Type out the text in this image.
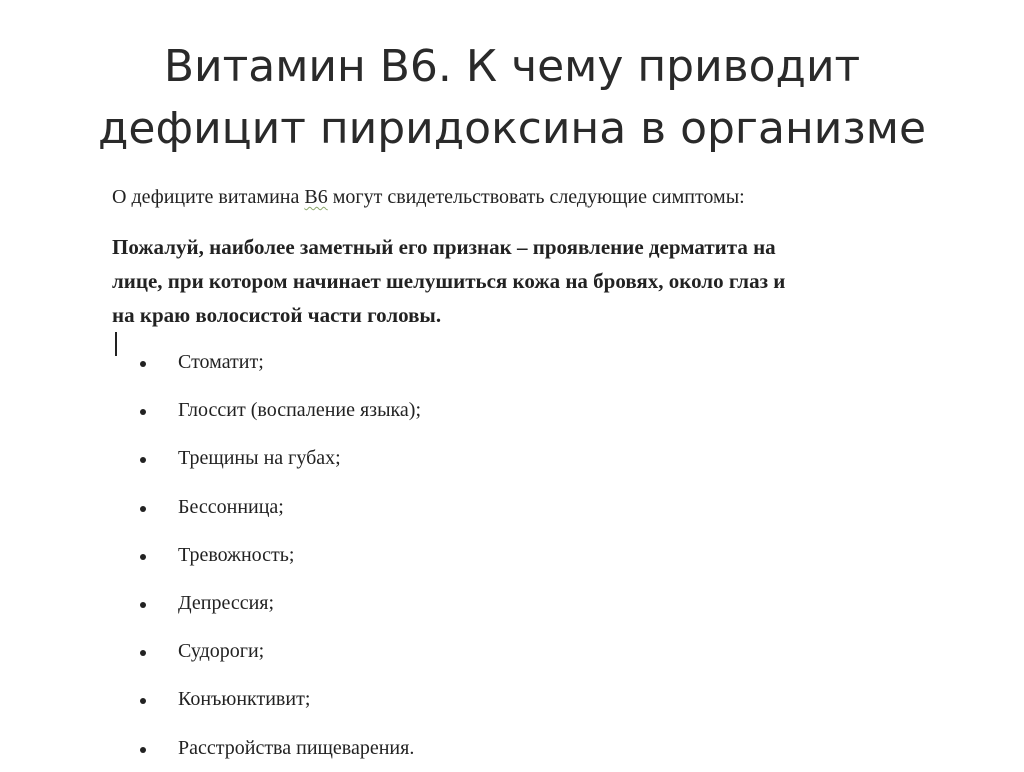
Витамин В6. К чему приводит
дефицит пиридоксина в организме
О дефиците витамина В6 могут свидетельствовать следующие симптомы:
Пожалуй, наиболее заметный его признак – проявление дерматита на
лице, при котором начинает шелушиться кожа на бровях, около глаз и
на краю волосистой части головы.
Стоматит;
Глоссит (воспаление языка);
Трещины на губах;
Бессонница;
Тревожность;
Депрессия;
Судороги;
Конъюнктивит;
Расстройства пищеварения.
